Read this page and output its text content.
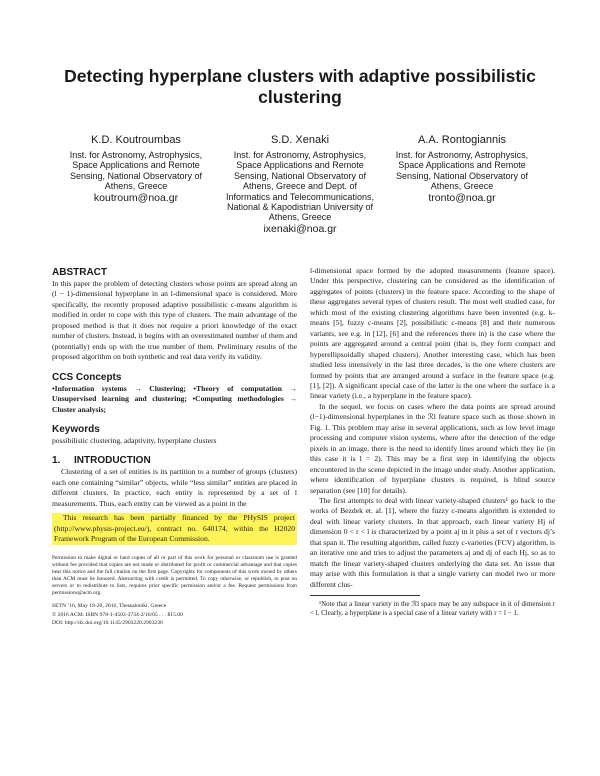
Detecting hyperplane clusters with adaptive possibilistic clustering
K.D. Koutroumbas
Inst. for Astronomy, Astrophysics, Space Applications and Remote Sensing, National Observatory of Athens, Greece
koutroum@noa.gr
S.D. Xenaki
Inst. for Astronomy, Astrophysics, Space Applications and Remote Sensing, National Observatory of Athens, Greece and Dept. of Informatics and Telecommunications, National & Kapodistrian University of Athens, Greece
ixenaki@noa.gr
A.A. Rontogiannis
Inst. for Astronomy, Astrophysics, Space Applications and Remote Sensing, National Observatory of Athens, Greece
tronto@noa.gr
ABSTRACT

In this paper the problem of detecting clusters whose points are spread along an (l − 1)-dimensional hyperplane in an l-dimensional space is considered. More specifically, the recently proposed adaptive possibilistic c-means algorithm is modified in order to cope with this type of clusters. The main advantage of the proposed method is that it does not require a priori knowledge of the exact number of clusters. Instead, it begins with an overestimated number of them and (potentially) ends up with the true number of them. Preliminary results of the proposed algorithm on both synthetic and real data verify its validity.

CCS Concepts

•Information systems → Clustering; •Theory of computation → Unsupervised learning and clustering; •Computing methodologies → Cluster analysis;

Keywords

possibilistic clustering, adaptivity, hyperplane clusters

1.	INTRODUCTION

Clustering of a set of entities is its partition to a number of groups (clusters) each one containing “similar” objects, while “less similar” entities are placed in different clusters. In practice, each entity is represented by a set of l measurements. Thus, each entity can be viewed as a point in the

This research has been partially financed by the PHySIS project (http://www.physis-project.eu/), contract no. 640174, within the H2020 Framework Program of the European Commission.

Permission to make digital or hard copies of all or part of this work for personal or classroom use is granted without fee provided that copies are not made or distributed for profit or commercial advantage and that copies bear this notice and the full citation on the first page. Copyrights for components of this work owned by others than ACM must be honored. Abstracting with credit is permitted. To copy otherwise, or republish, to post on servers or to redistribute to lists, requires prior specific permission and/or a fee. Request permissions from permissions@acm.org.

SETN ’16, May 18-20, 2016, Thessaloniki, Greece

© 2016 ACM. ISBN 978-1-4503-3734-2/16/05 . . . $15.00

DOI: http://dx.doi.org/10.1145/2903220.2903236

l-dimensional space formed by the adopted measurements (feature space). Under this perspective, clustering can be considered as the identification of aggregates of points (clusters) in the feature space. According to the shape of these aggregates several types of clusters result. The most well studied case, for which most of the existing clustering algorithms have been invented (e.g. k-means [5], fuzzy c-means [2], possibilistic c-means [8] and their numerous variants, see e.g. in [12], [6] and the references there in) is the case where the points are aggregated around a central point (that is, they form compact and hyperellipsoidally shaped clusters). Another interesting case, which has been studied less intensively in the last three decades, is the one where clusters are formed by points that are arranged around a surface in the feature space (e.g. [1], [2]). A significant special case of the latter is the one where the surface is a linear variety (i.e., a hyperplane in the feature space).

In the sequel, we focus on cases where the data points are spread around (l−1)-dimensional hyperplanes in the ℛl feature space such as those shown in Fig. 1. This problem may arise in several applications, such as low level image processing and computer vision systems, where after the detection of the edge pixels in an image, there is the need to identify lines around which they lie (in this case it is l = 2). This may be a first step in identifying the objects encountered in the scene depicted in the image under study. Another application, where identification of hyperplane clusters is required, is blind source separation (see [10] for details).

The first attempts to deal with linear variety-shaped clusters¹ go back to the works of Bezdek et. al. [1], where the fuzzy c-means algorithm is extended to deal with linear variety clusters. In that approach, each linear variety Hj of dimension 0 < r < l is characterized by a point aj in it plus a set of r vectors dj’s that span it. The resulting algorithm, called fuzzy c-varieties (FCV) algorithm, is an iterative one and tries to adjust the parameters aj and dj of each Hj, so as to match the linear variety-shaped clusters underlying the data set. An issue that may arise with this formulation is that a single variety can model two or more different clus-

¹Note that a linear variety in the ℛl space may be any subspace in it of dimension r < l. Clearly, a hyperplane is a special case of a linear variety with r = l − 1.
